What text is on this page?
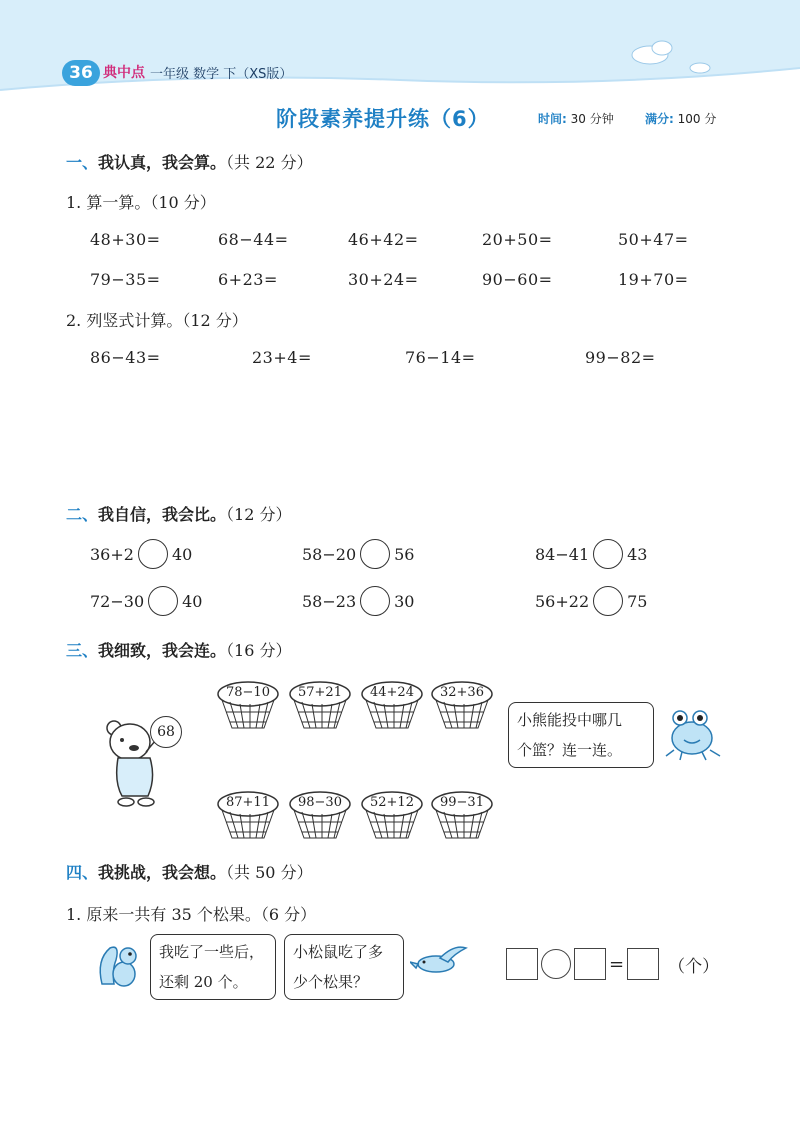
36 典中点 一年级 数学 下（XS版）
阶段素养提升练（6）	时间: 30 分钟	满分: 100 分
一、我认真，我会算。（共 22 分）
1. 算一算。（10 分）
48+30=	68−44=	46+42=	20+50=	50+47=
79−35=	6+23=	30+24=	90−60=	19+70=
2. 列竖式计算。（12 分）
86−43=	23+4=	76−14=	99−82=
二、我自信，我会比。（12 分）
36+2 40	58−20 56	84−41 43
72−30 40	58−23 30	56+22 75
三、我细致，我会连。（16 分）
68
78−10	57+21	44+24	32+36
87+11	98−30	52+12	99−31
小熊能投中哪几
个篮？连一连。
四、我挑战，我会想。（共 50 分）
1. 原来一共有 35 个松果。（6 分）
我吃了一些后，
还剩 20 个。
小松鼠吃了多
少个松果？
=	（个）
